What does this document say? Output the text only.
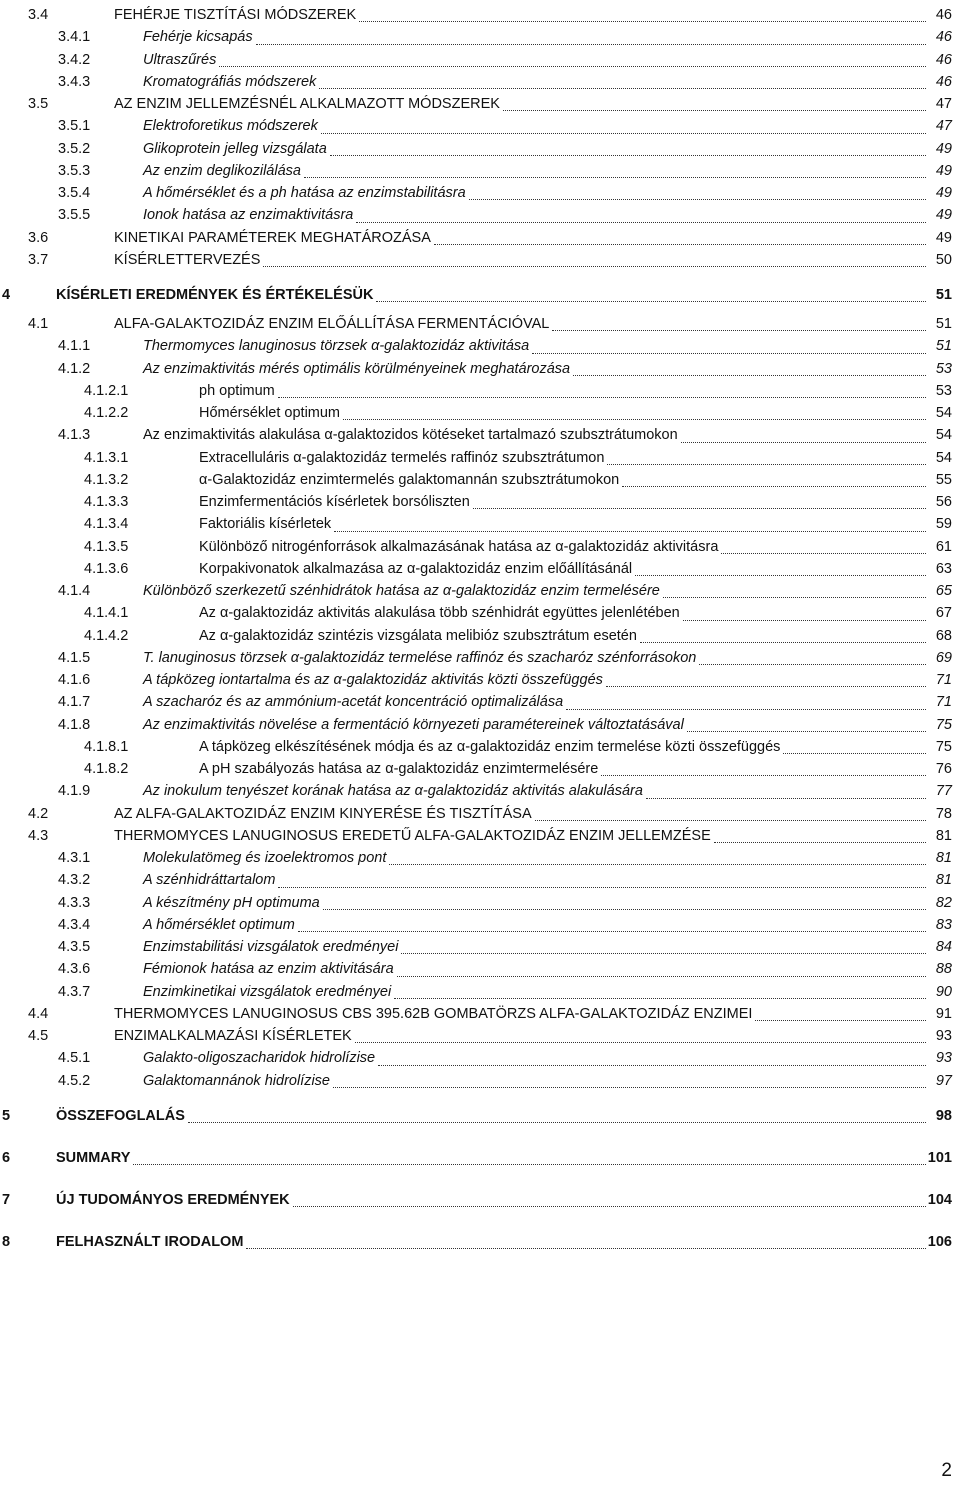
3.4	FEHÉRJE TISZTÍTÁSI MÓDSZEREK	46
3.4.1	Fehérje kicsapás	46
3.4.2	Ultraszűrés	46
3.4.3	Kromatográfiás módszerek	46
3.5	AZ ENZIM JELLEMZÉSNÉL ALKALMAZOTT MÓDSZEREK	47
3.5.1	Elektroforetikus módszerek	47
3.5.2	Glikoprotein jelleg vizsgálata	49
3.5.3	Az enzim deglikozilálása	49
3.5.4	A hőmérséklet és a ph hatása az enzimstabilitásra	49
3.5.5	Ionok hatása az enzimaktivitásra	49
3.6	KINETIKAI PARAMÉTEREK MEGHATÁROZÁSA	49
3.7	KÍSÉRLETTERVEZÉS	50
4	KÍSÉRLETI EREDMÉNYEK ÉS ÉRTÉKELÉSÜK	51
4.1	ALFA-GALAKTOZIDÁZ ENZIM ELŐÁLLÍTÁSA FERMENTÁCIÓVAL	51
4.1.1	Thermomyces lanuginosus törzsek α-galaktozidáz aktivitása	51
4.1.2	Az enzimaktivitás mérés optimális körülményeinek meghatározása	53
4.1.2.1	ph optimum	53
4.1.2.2	Hőmérséklet optimum	54
4.1.3	Az enzimaktivitás alakulása α-galaktozidos kötéseket tartalmazó szubsztrátumokon	54
4.1.3.1	Extracelluláris α-galaktozidáz termelés raffinóz szubsztrátumon	54
4.1.3.2	α-Galaktozidáz enzimtermelés galaktomannán szubsztrátumokon	55
4.1.3.3	Enzimfermentációs kísérletek borsóliszten	56
4.1.3.4	Faktoriális kísérletek	59
4.1.3.5	Különböző nitrogénforrások alkalmazásának hatása az α-galaktozidáz aktivitásra	61
4.1.3.6	Korpakivonatok alkalmazása az α-galaktozidáz enzim előállításánál	63
4.1.4	Különböző szerkezetű szénhidrátok hatása az α-galaktozidáz enzim termelésére	65
4.1.4.1	Az α-galaktozidáz aktivitás alakulása több szénhidrát együttes jelenlétében	67
4.1.4.2	Az α-galaktozidáz szintézis vizsgálata melibióz szubsztrátum esetén	68
4.1.5	T. lanuginosus törzsek α-galaktozidáz termelése raffinóz és szacharóz szénforrásokon	69
4.1.6	A tápközeg iontartalma és az α-galaktozidáz aktivitás közti összefüggés	71
4.1.7	A szacharóz és az ammónium-acetát koncentráció optimalizálása	71
4.1.8	Az enzimaktivitás növelése a fermentáció környezeti paramétereinek változtatásával	75
4.1.8.1	A tápközeg elkészítésének módja és az α-galaktozidáz enzim termelése közti összefüggés	75
4.1.8.2	A pH szabályozás hatása az α-galaktozidáz enzimtermelésére	76
4.1.9	Az inokulum tenyészet korának hatása az α-galaktozidáz aktivitás alakulására	77
4.2	AZ ALFA-GALAKTOZIDÁZ ENZIM KINYERÉSE ÉS TISZTÍTÁSA	78
4.3	THERMOMYCES LANUGINOSUS EREDETŰ ALFA-GALAKTOZIDÁZ ENZIM JELLEMZÉSE	81
4.3.1	Molekulatömeg és izoelektromos pont	81
4.3.2	A szénhidráttartalom	81
4.3.3	A készítmény pH optimuma	82
4.3.4	A hőmérséklet optimum	83
4.3.5	Enzimstabilitási vizsgálatok eredményei	84
4.3.6	Fémionok hatása az enzim aktivitására	88
4.3.7	Enzimkinetikai vizsgálatok eredményei	90
4.4	THERMOMYCES LANUGINOSUS CBS 395.62B GOMBATÖRZS ALFA-GALAKTOZIDÁZ ENZIMEI	91
4.5	ENZIMALKALMAZÁSI KÍSÉRLETEK	93
4.5.1	Galakto-oligoszacharidok hidrolízise	93
4.5.2	Galaktomannánok hidrolízise	97
5	ÖSSZEFOGLALÁS	98
6	SUMMARY	101
7	ÚJ TUDOMÁNYOS EREDMÉNYEK	104
8	FELHASZNÁLT IRODALOM	106
2
